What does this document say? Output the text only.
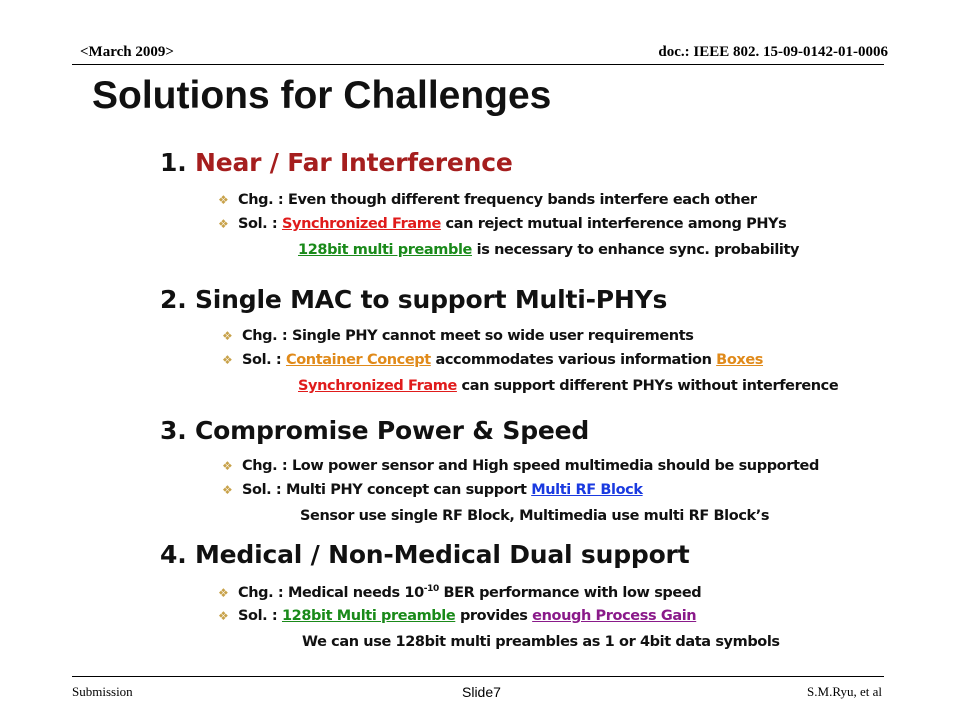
<March 2009>	doc.: IEEE 802. 15-09-0142-01-0006
Solutions for Challenges
1. Near / Far Interference
❖ Chg. : Even though different frequency bands interfere each other
❖ Sol. : Synchronized Frame can reject mutual interference among PHYs
128bit multi preamble is necessary to enhance sync. probability
2. Single MAC to support Multi-PHYs
❖ Chg. : Single PHY cannot meet so wide user requirements
❖ Sol. : Container Concept accommodates various information Boxes
Synchronized Frame can support different PHYs without interference
3. Compromise Power & Speed
❖ Chg. : Low power sensor and High speed multimedia should be supported
❖ Sol. : Multi PHY concept can support Multi RF Block
Sensor use single RF Block, Multimedia use multi RF Block’s
4. Medical / Non-Medical Dual support
❖ Chg. : Medical needs $10^{-10}$ BER performance with low speed
❖ Sol. : 128bit Multi preamble provides enough Process Gain
We can use 128bit multi preambles as 1 or 4bit data symbols
Submission	Slide7	S.M.Ryu, et al
